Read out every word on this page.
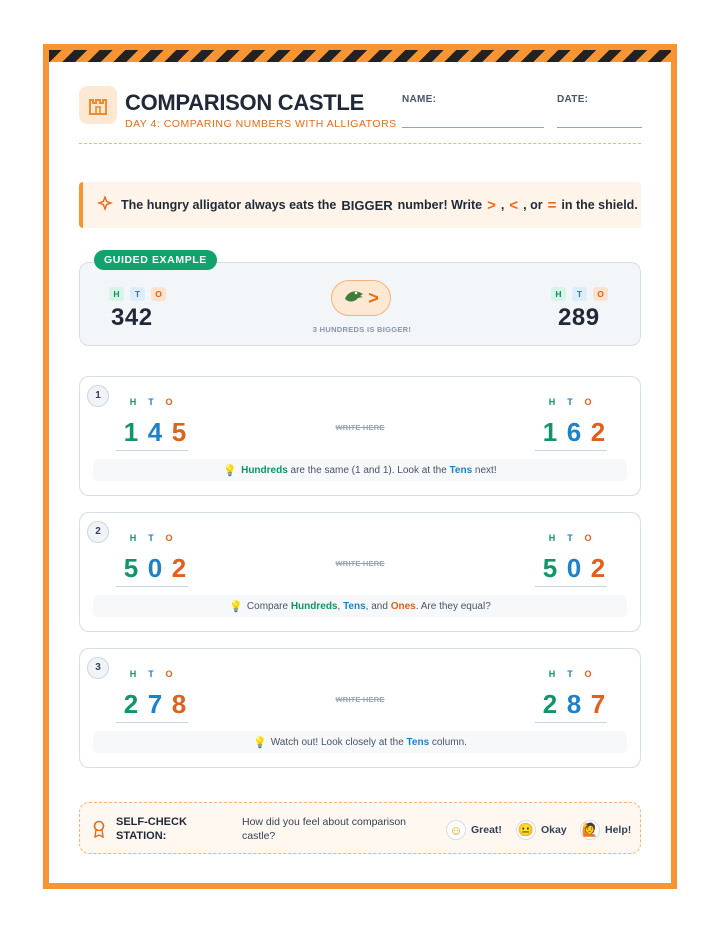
COMPARISON CASTLE
DAY 4: COMPARING NUMBERS WITH ALLIGATORS
NAME:	DATE:
The hungry alligator always eats the BIGGER number! Write > , < , or = in the shield.
GUIDED EXAMPLE
H T O
342
>
3 HUNDREDS IS BIGGER!
H T O
289
1
H T O
1 4 5	WRITE HERE
H T O
1 6 2
💡 Hundreds are the same (1 and 1). Look at the Tens next!
2
H T O
5 0 2	WRITE HERE
H T O
5 0 2
💡 Compare Hundreds , Tens , and Ones . Are they equal?
3
H T O
2 7 8	WRITE HERE
H T O
2 8 7
💡 Watch out! Look closely at the Tens column.
SELF-CHECK
STATION:
How did you feel about comparison castle?	☺ Great! 😐 Okay 🙋 Help!
